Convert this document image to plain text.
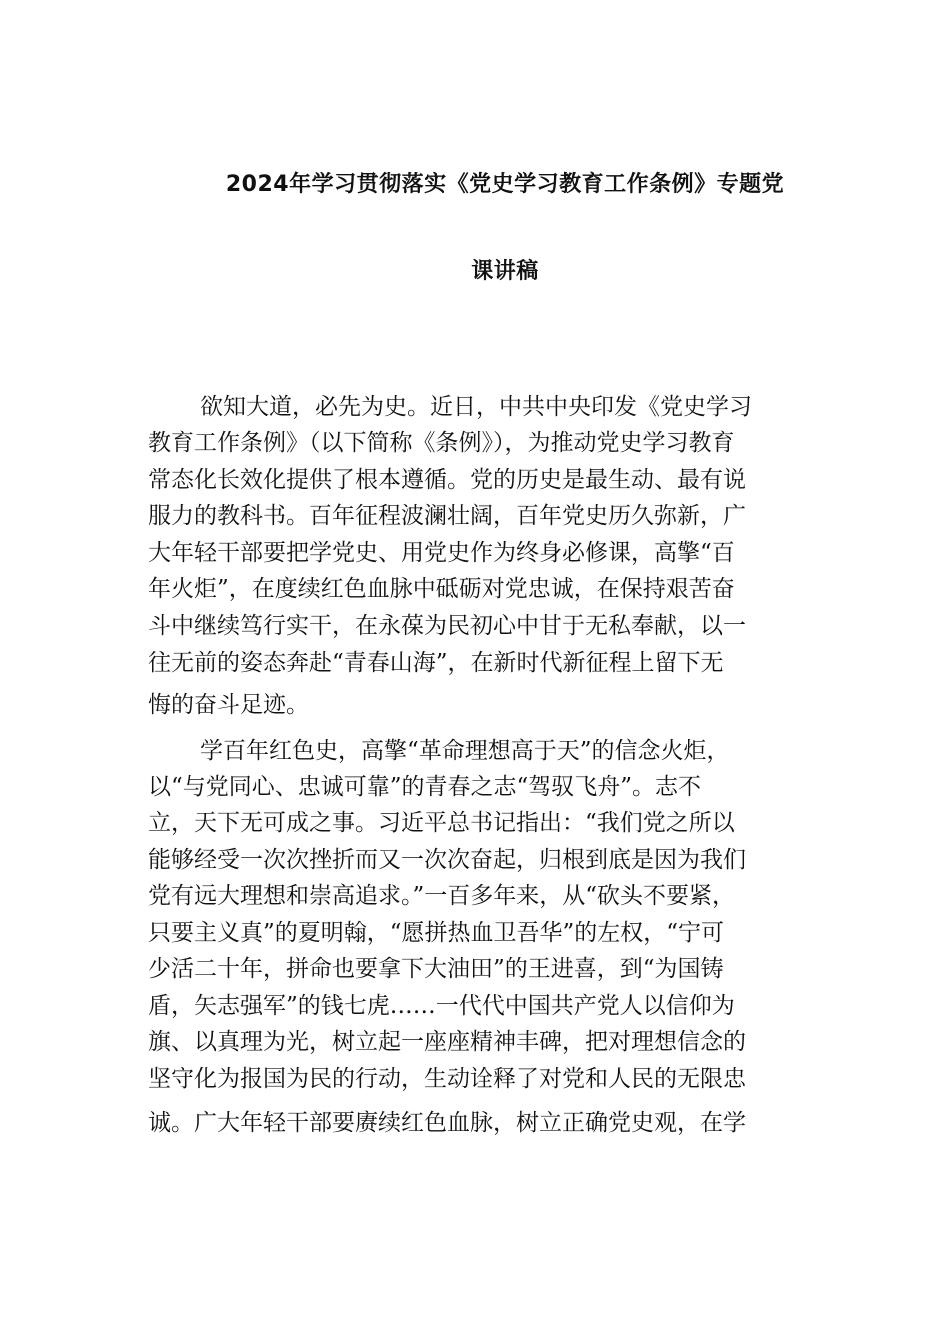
2024年学习贯彻落实《党史学习教育工作条例》专题党
课讲稿
欲知大道，必先为史。近日，中共中央印发《党史学习
教育工作条例》（以下简称《条例》），为推动党史学习教育
常态化长效化提供了根本遵循。党的历史是最生动、最有说
服力的教科书。百年征程波澜壮阔，百年党史历久弥新，广
大年轻干部要把学党史、用党史作为终身必修课，高擎“百
年火炬”，在度续红色血脉中砥砺对党忠诚，在保持艰苦奋
斗中继续笃行实干，在永葆为民初心中甘于无私奉献，以一
往无前的姿态奔赴“青春山海”，在新时代新征程上留下无
悔的奋斗足迹。
学百年红色史，高擎“革命理想高于天”的信念火炬，
以“与党同心、忠诚可靠”的青春之志“驾驭飞舟”。志不
立，天下无可成之事。习近平总书记指出：“我们党之所以
能够经受一次次挫折而又一次次奋起，归根到底是因为我们
党有远大理想和崇高追求。”一百多年来，从“砍头不要紧，
只要主义真”的夏明翰，“愿拼热血卫吾华”的左权，“宁可
少活二十年，拼命也要拿下大油田”的王进喜，到“为国铸
盾，矢志强军”的钱七虎……一代代中国共产党人以信仰为
旗、以真理为光，树立起一座座精神丰碑，把对理想信念的
坚守化为报国为民的行动，生动诠释了对党和人民的无限忠
诚。广大年轻干部要赓续红色血脉，树立正确党史观，在学
